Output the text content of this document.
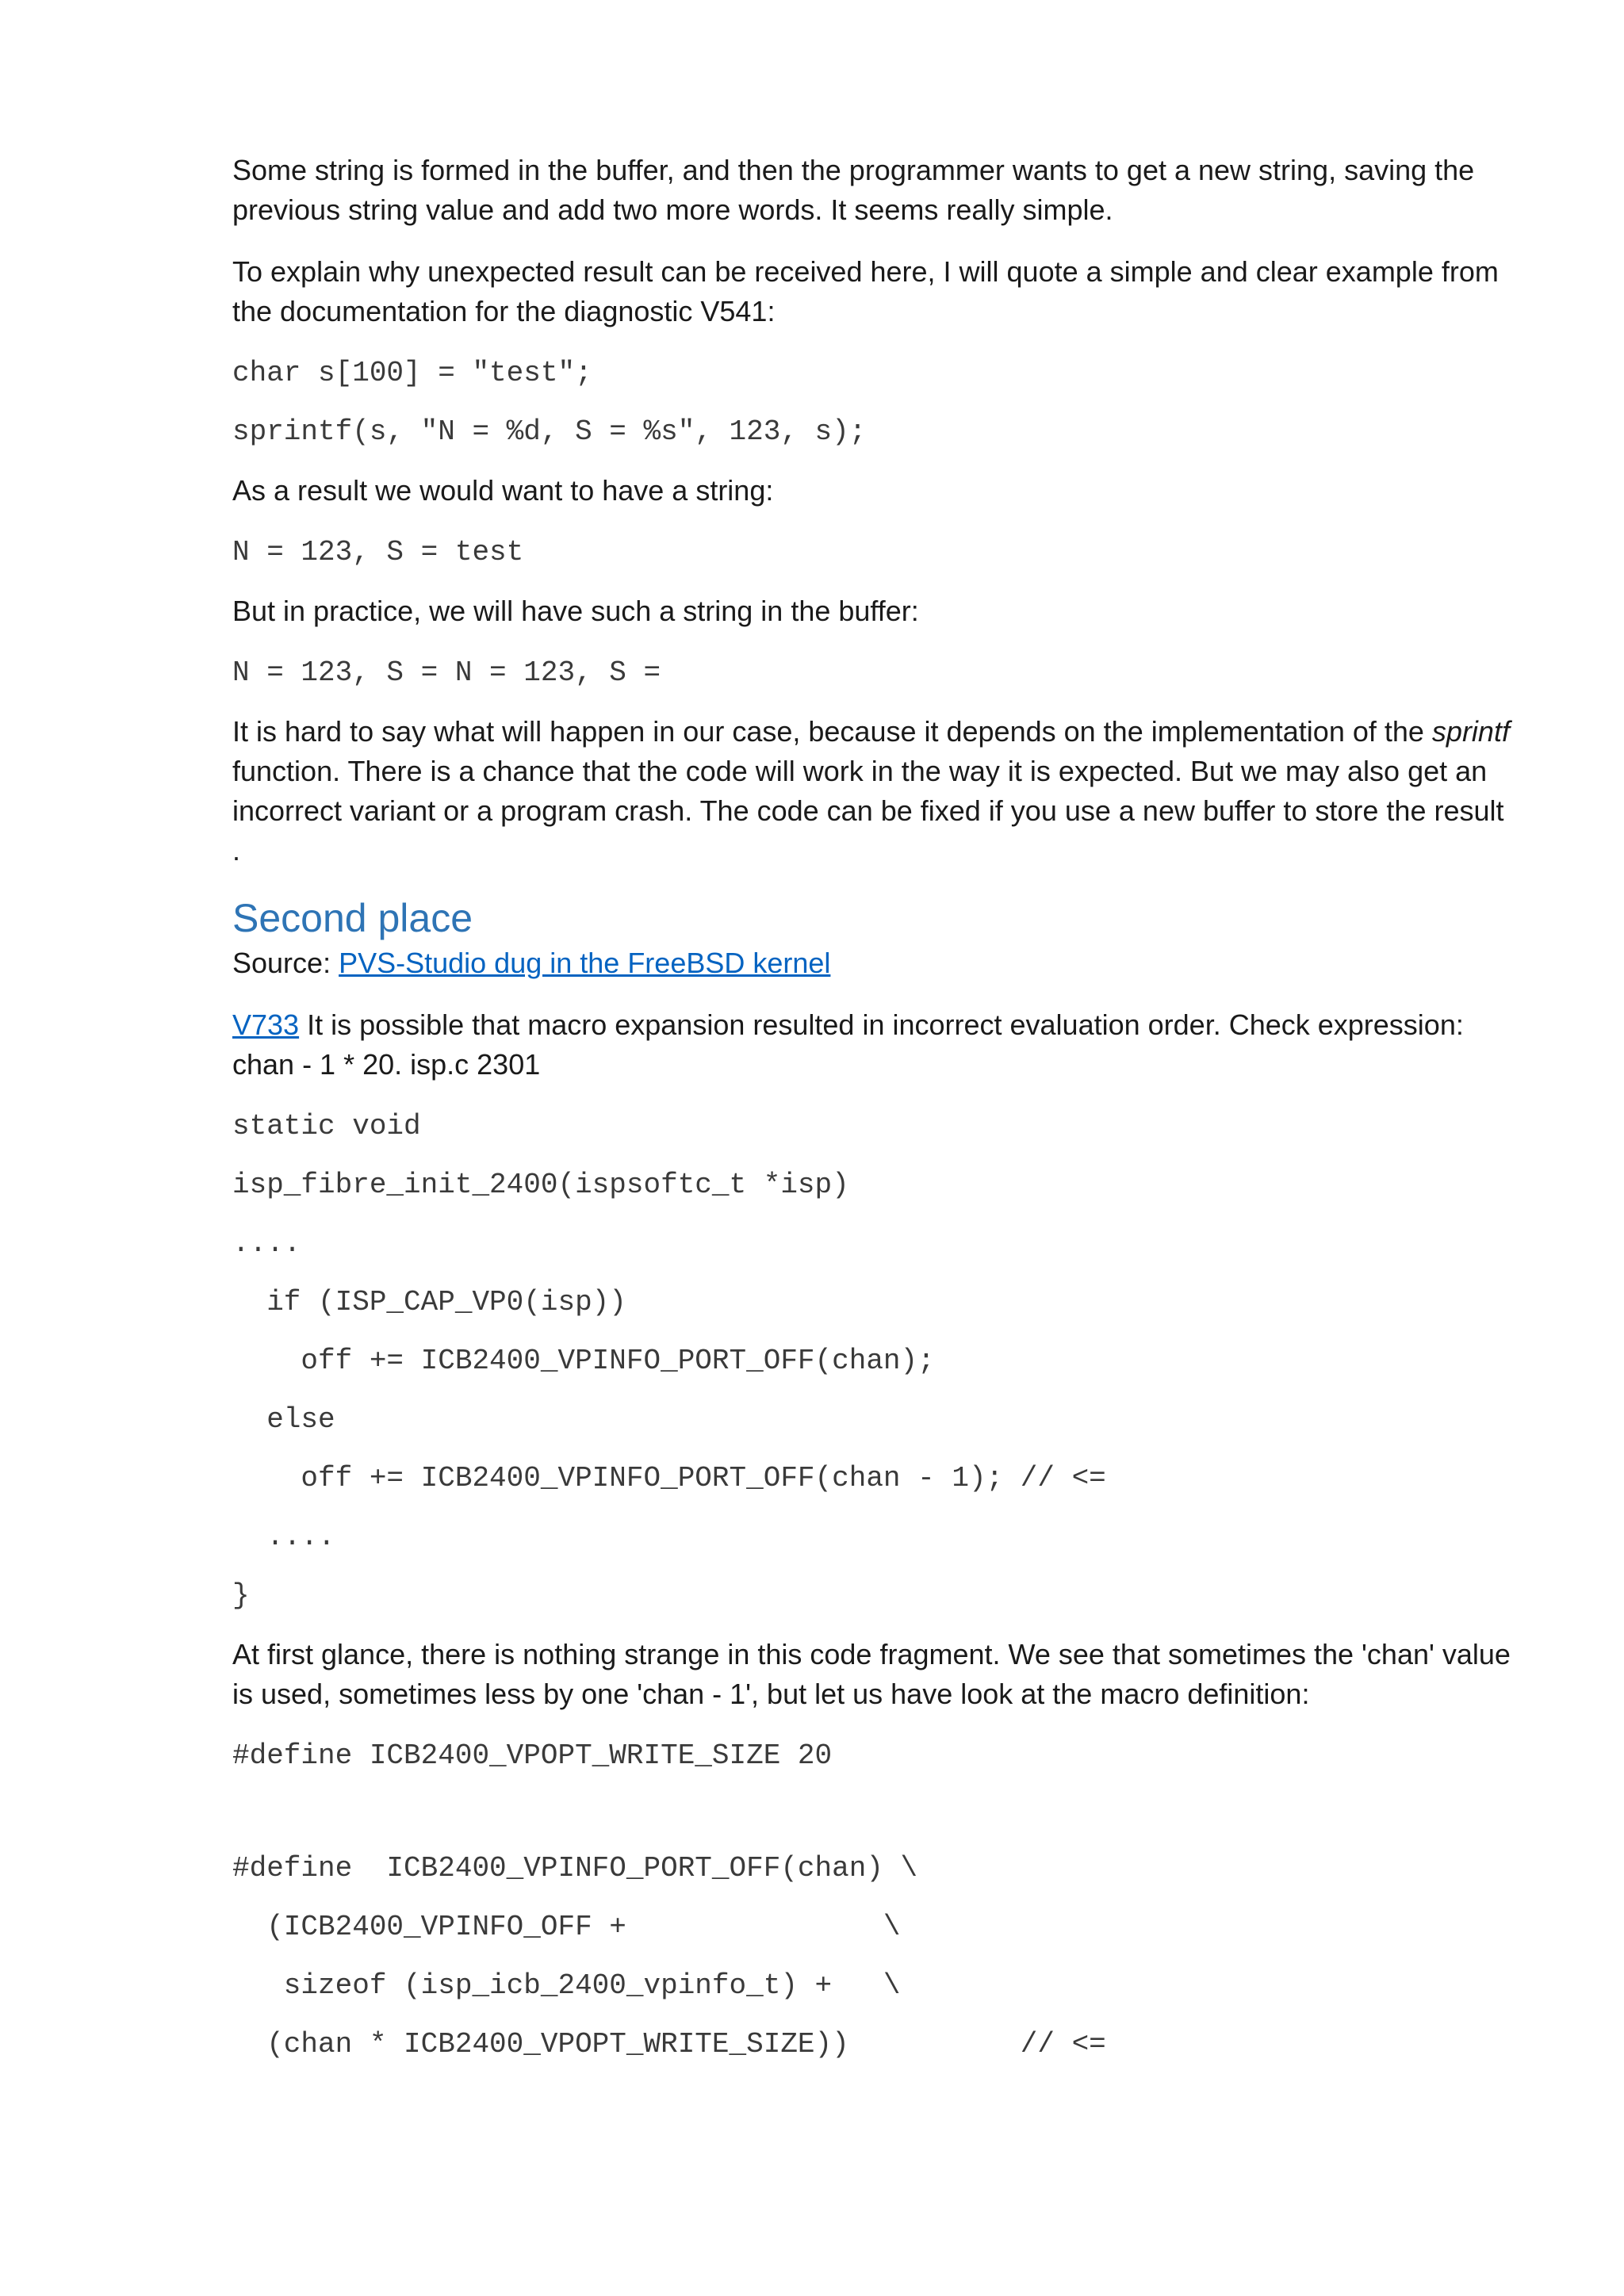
Some string is formed in the buffer, and then the programmer wants to get a new string, saving the previous string value and add two more words. It seems really simple.

To explain why unexpected result can be received here, I will quote a simple and clear example from the documentation for the diagnostic V541:

char s[100] = "test";
sprintf(s, "N = %d, S = %s", 123, s);

As a result we would want to have a string:

N = 123, S = test

But in practice, we will have such a string in the buffer:

N = 123, S = N = 123, S =

It is hard to say what will happen in our case, because it depends on the implementation of the sprintf function. There is a chance that the code will work in the way it is expected. But we may also get an incorrect variant or a program crash. The code can be fixed if you use a new buffer to store the result .

Second place

Source: PVS-Studio dug in the FreeBSD kernel

V733 It is possible that macro expansion resulted in incorrect evaluation order. Check expression: chan - 1 * 20. isp.c 2301

static void
isp_fibre_init_2400(ispsoftc_t *isp)
....
if (ISP_CAP_VP0(isp))
off += ICB2400_VPINFO_PORT_OFF(chan);
else
off += ICB2400_VPINFO_PORT_OFF(chan - 1); // <=
....
}

At first glance, there is nothing strange in this code fragment. We see that sometimes the 'chan' value is used, sometimes less by one 'chan - 1', but let us have look at the macro definition:

#define ICB2400_VPOPT_WRITE_SIZE 20
#define  ICB2400_VPINFO_PORT_OFF(chan) \
(ICB2400_VPINFO_OFF +               \
sizeof (isp_icb_2400_vpinfo_t) +   \
(chan * ICB2400_VPOPT_WRITE_SIZE))          // <=
